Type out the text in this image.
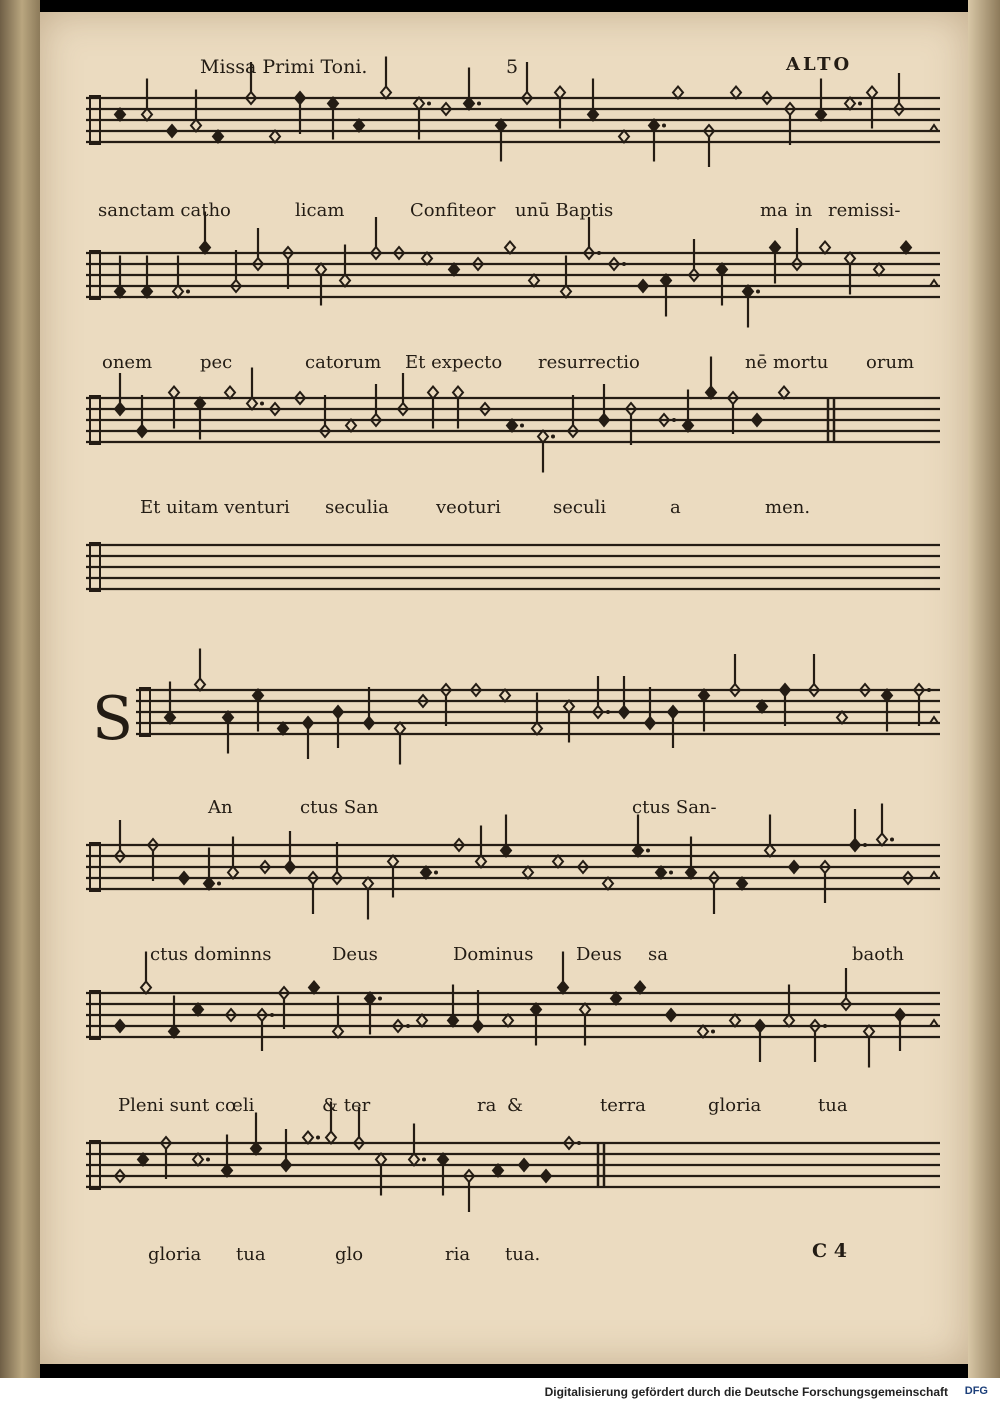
Missa Primi Toni.	5	ALTO
sanctam catho	licam	Confiteor unū Baptis	ma in remissi-
onem	pec	catorum Et expecto resurrectio	nē mortu orum
Et uitam venturi seculia	veoturi	seculi	a	men.
S
An	ctus San	ctus San-
ctus dominns	Deus	Dominus Deus sa	baoth
Pleni sunt cœli	& ter	ra &	terra	gloria	tua
gloria tua	glo	ria tua.	C 4
Digitalisierung gefördert durch die Deutsche Forschungsgemeinschaft DFG
